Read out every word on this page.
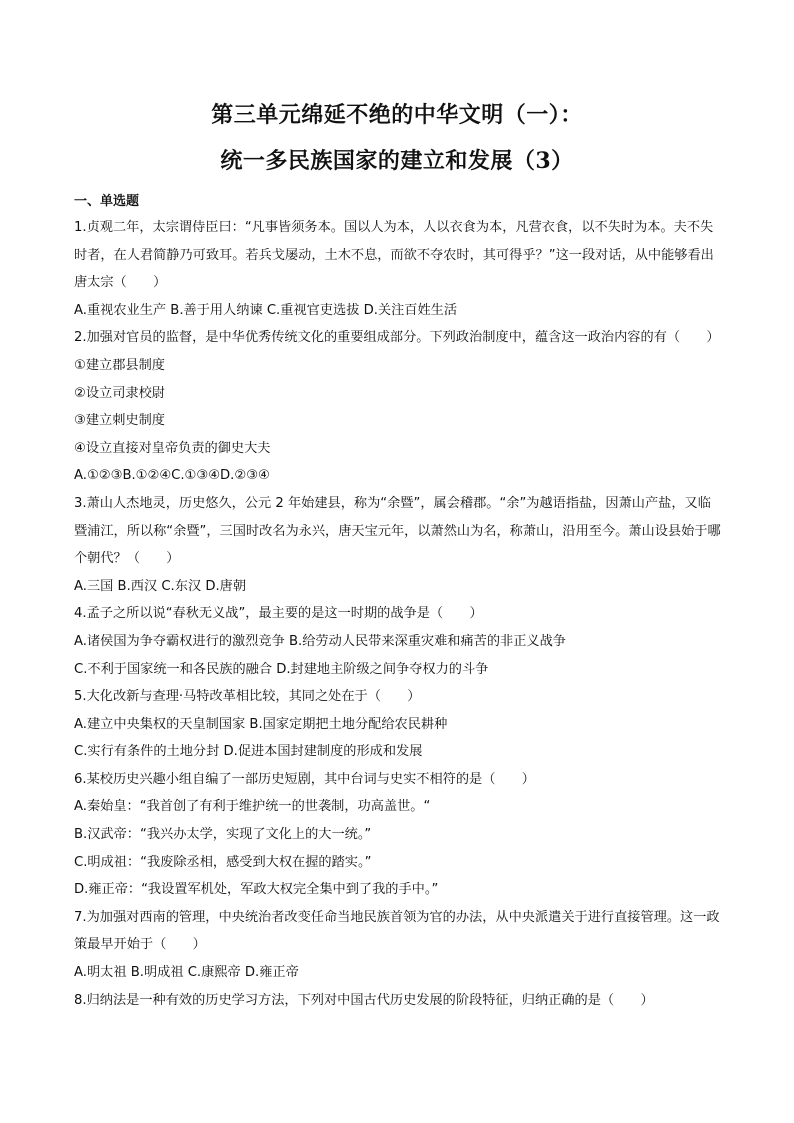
第三单元绵延不绝的中华文明（一）：
统一多民族国家的建立和发展（3）
一、单选题

1.贞观二年，太宗谓侍臣曰：“凡事皆须务本。国以人为本，人以衣食为本，凡营衣食，以不失时为本。夫不失时者，在人君简静乃可致耳。若兵戈屡动，土木不息，而欲不夺农时，其可得乎？”这一段对话，从中能够看出唐太宗（　　）

A.重视农业生产 B.善于用人纳谏 C.重视官吏选拔 D.关注百姓生活

2.加强对官员的监督，是中华优秀传统文化的重要组成部分。下列政治制度中，蕴含这一政治内容的有（　　）

①建立郡县制度

②设立司隶校尉

③建立刺史制度

④设立直接对皇帝负责的御史大夫

A.①②③B.①②④C.①③④D.②③④

3.萧山人杰地灵，历史悠久，公元 2 年始建县，称为“余暨”，属会稽郡。“余”为越语指盐，因萧山产盐，又临暨浦江，所以称“余暨”，三国时改名为永兴，唐天宝元年，以萧然山为名，称萧山，沿用至今。萧山设县始于哪个朝代？（　　）

A.三国 B.西汉 C.东汉 D.唐朝

4.孟子之所以说“春秋无义战”，最主要的是这一时期的战争是（　　）

A.诸侯国为争夺霸权进行的激烈竞争 B.给劳动人民带来深重灾难和痛苦的非正义战争

C.不利于国家统一和各民族的融合 D.封建地主阶级之间争夺权力的斗争

5.大化改新与查理·马特改革相比较，其同之处在于（　　）

A.建立中央集权的天皇制国家 B.国家定期把土地分配给农民耕种

C.实行有条件的土地分封 D.促进本国封建制度的形成和发展

6.某校历史兴趣小组自编了一部历史短剧，其中台词与史实不相符的是（　　）

A.秦始皇：“我首创了有利于维护统一的世袭制，功高盖世。“

B.汉武帝：“我兴办太学，实现了文化上的大一统。”

C.明成祖：“我废除丞相，感受到大权在握的踏实。”

D.雍正帝：“我设置军机处，军政大权完全集中到了我的手中。”

7.为加强对西南的管理，中央统治者改变任命当地民族首领为官的办法，从中央派遣关于进行直接管理。这一政策最早开始于（　　）

A.明太祖 B.明成祖 C.康熙帝 D.雍正帝

8.归纳法是一种有效的历史学习方法，下列对中国古代历史发展的阶段特征，归纳正确的是（　　）
